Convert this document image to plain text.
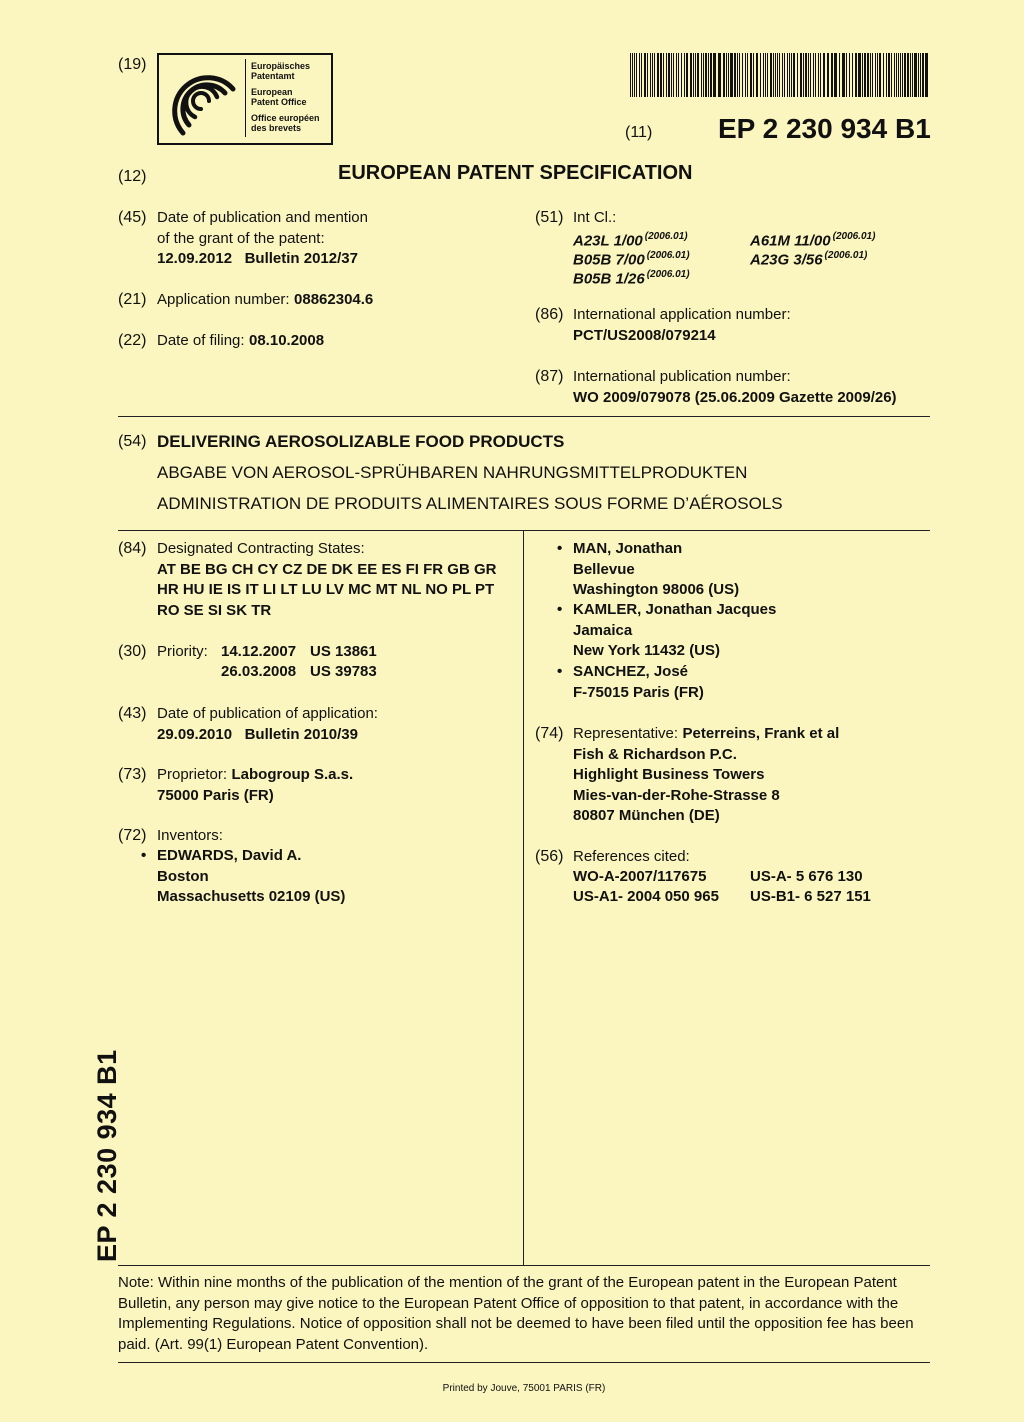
(19)	Europäisches
Patentamt
European
Patent Office
Office européen
des brevets	(11) EP 2 230 934 B1
(12)	EUROPEAN PATENT SPECIFICATION
(45) Date of publication and mention
of the grant of the patent:
12.09.2012   Bulletin 2012/37
(21) Application number: 08862304.6
(22) Date of filing: 08.10.2008
(51) Int Cl.:
A23L 1/00 $^{(2006.01)}$	A61M 11/00 $^{(2006.01)}$
B05B 7/00 $^{(2006.01)}$	A23G 3/56 $^{(2006.01)}$
B05B 1/26 $^{(2006.01)}$
(86) International application number:
PCT/US2008/079214
(87) International publication number:
WO 2009/079078 (25.06.2009 Gazette 2009/26)
(54) DELIVERING AEROSOLIZABLE FOOD PRODUCTS
ABGABE VON AEROSOL-SPRÜHBAREN NAHRUNGSMITTELPRODUKTEN
ADMINISTRATION DE PRODUITS ALIMENTAIRES SOUS FORME D’AÉROSOLS
(84) Designated Contracting States:
AT BE BG CH CY CZ DE DK EE ES FI FR GB GR
HR HU IE IS IT LI LT LU LV MC MT NL NO PL PT
RO SE SI SK TR
(30) Priority: 14.12.2007 US 13861
26.03.2008 US 39783
(43) Date of publication of application:
29.09.2010   Bulletin 2010/39
(73) Proprietor: Labogroup S.a.s.
75000 Paris (FR)
(72) Inventors:
• EDWARDS, David A.
Boston
Massachusetts 02109 (US)
• MAN, Jonathan
Bellevue
Washington 98006 (US)
• KAMLER, Jonathan Jacques
Jamaica
New York 11432 (US)
• SANCHEZ, José
F-75015 Paris (FR)
(74) Representative: Peterreins, Frank et al
Fish & Richardson P.C.
Highlight Business Towers
Mies-van-der-Rohe-Strasse 8
80807 München (DE)
(56) References cited:
WO-A-2007/117675	US-A- 5 676 130
US-A1- 2004 050 965 US-B1- 6 527 151
EP 2 230 934 B1
Note: Within nine months of the publication of the mention of the grant of the European patent in the European Patent
Bulletin, any person may give notice to the European Patent Office of opposition to that patent, in accordance with the
Implementing Regulations. Notice of opposition shall not be deemed to have been filed until the opposition fee has been
paid. (Art. 99(1) European Patent Convention).
Printed by Jouve, 75001 PARIS (FR)
